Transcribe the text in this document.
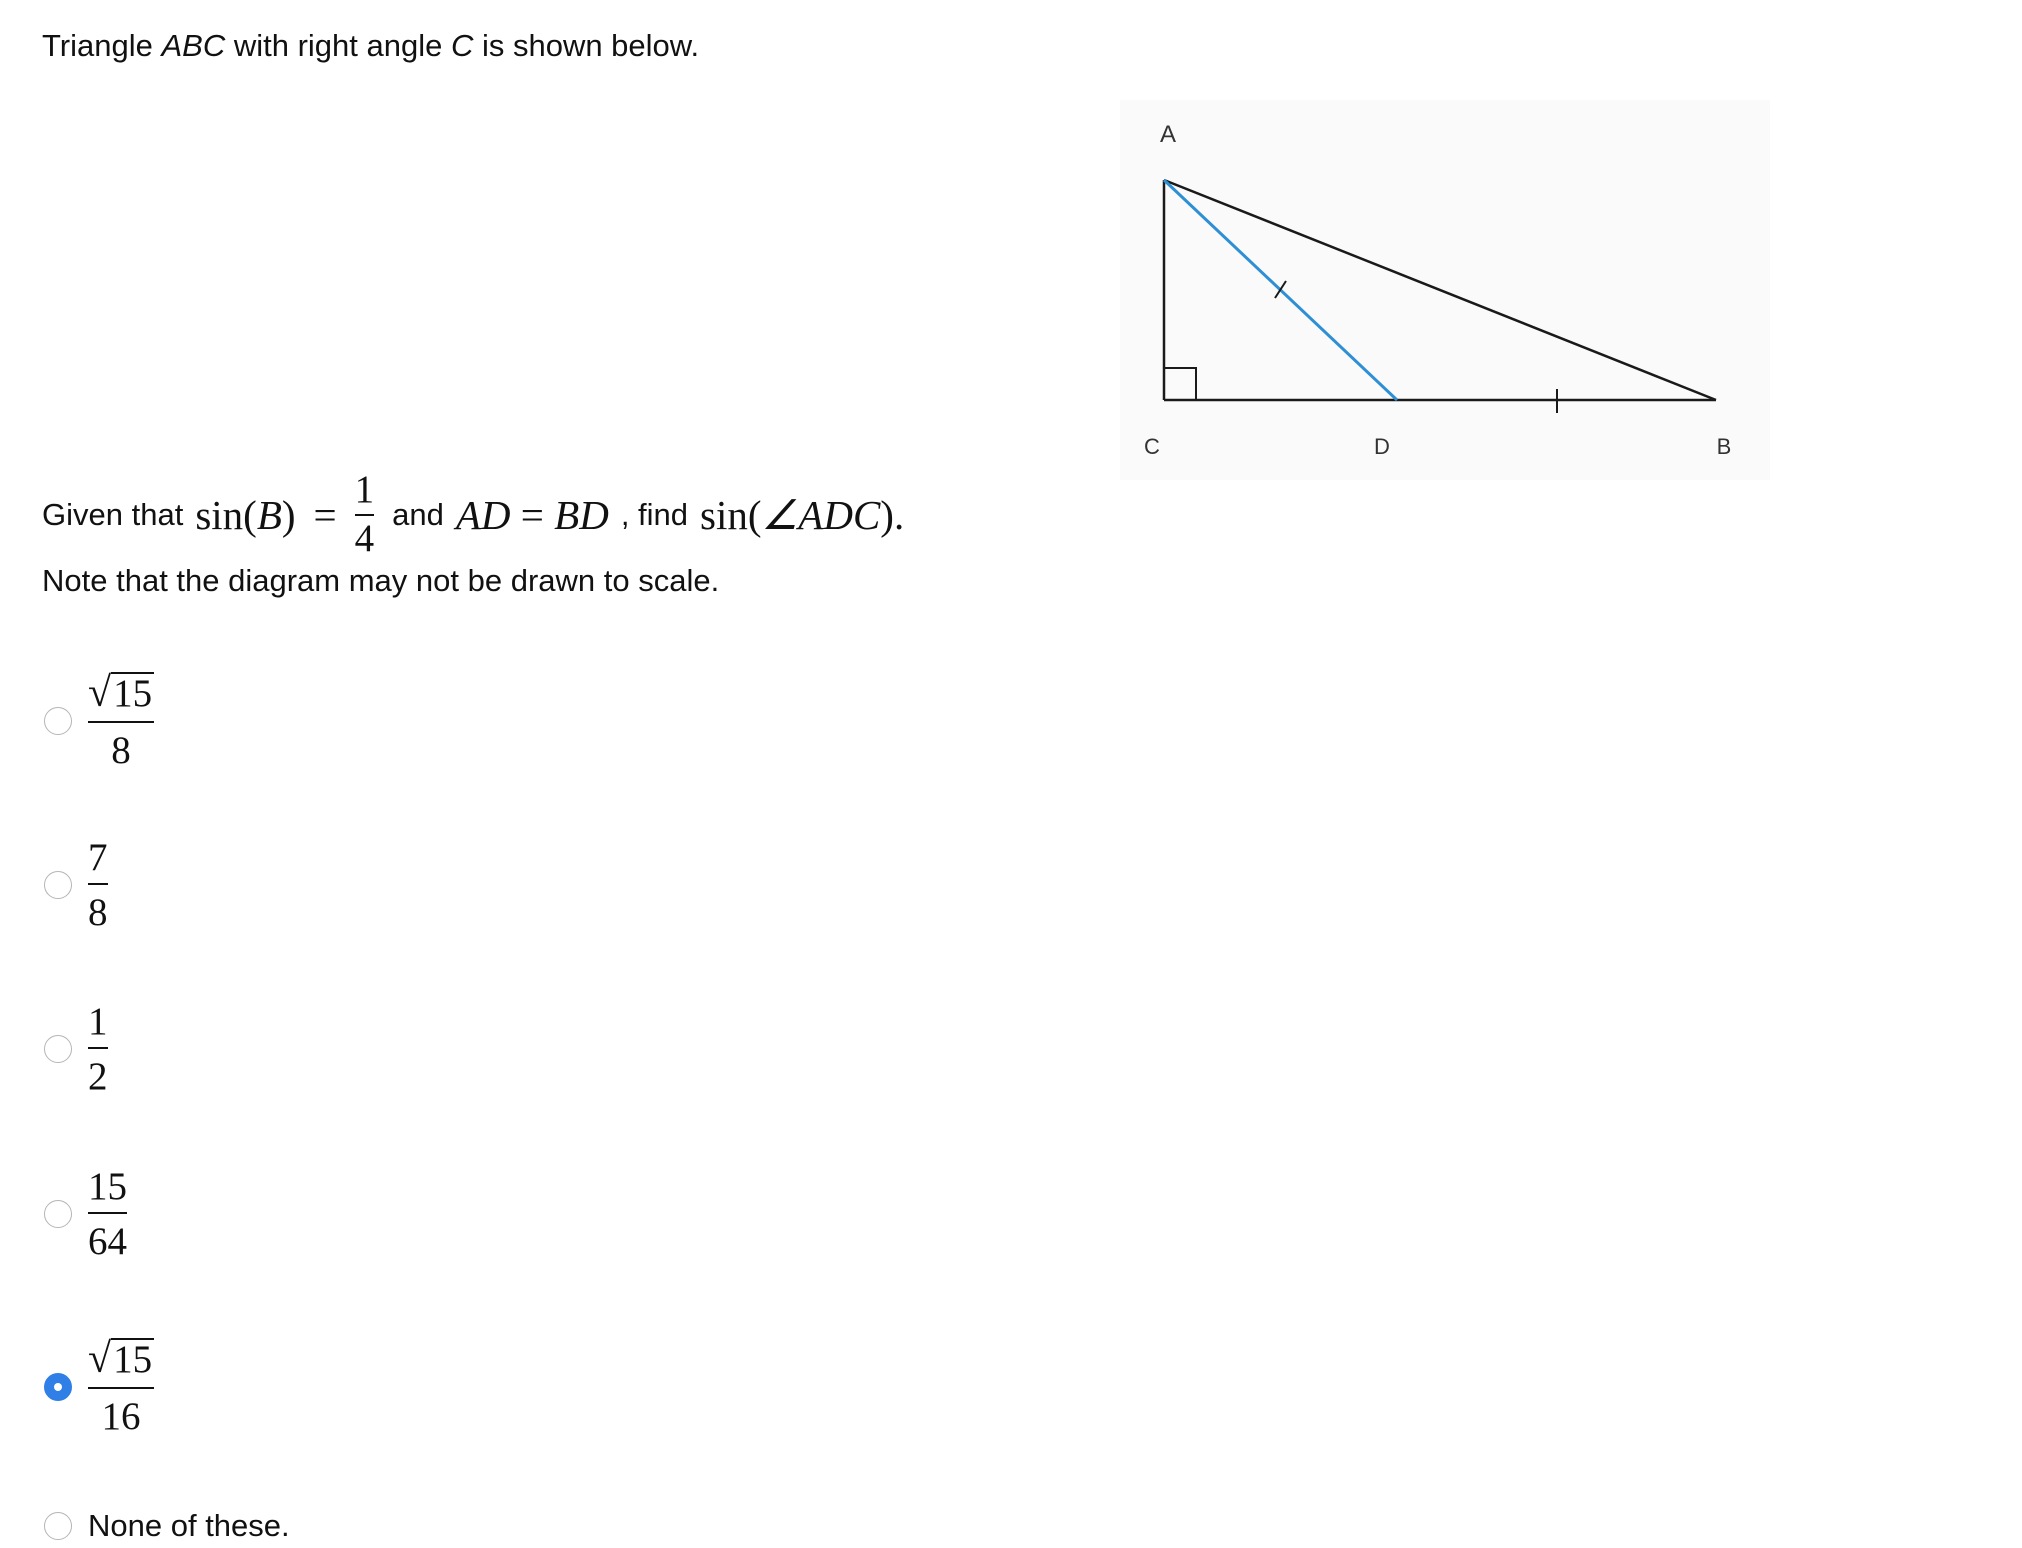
Triangle ABC with right angle C is shown below.
A
C	D	B
Given that $\sin(B) = \frac{1}{4}$ and AD = BD , find sin(∠ADC).
Note that the diagram may not be drawn to scale.
$\frac{√ 15}{8}$
$\frac{7}{8}$
$\frac{1}{2}$
$\frac{15}{64}$
$\frac{√ 15}{16}$
None of these.
